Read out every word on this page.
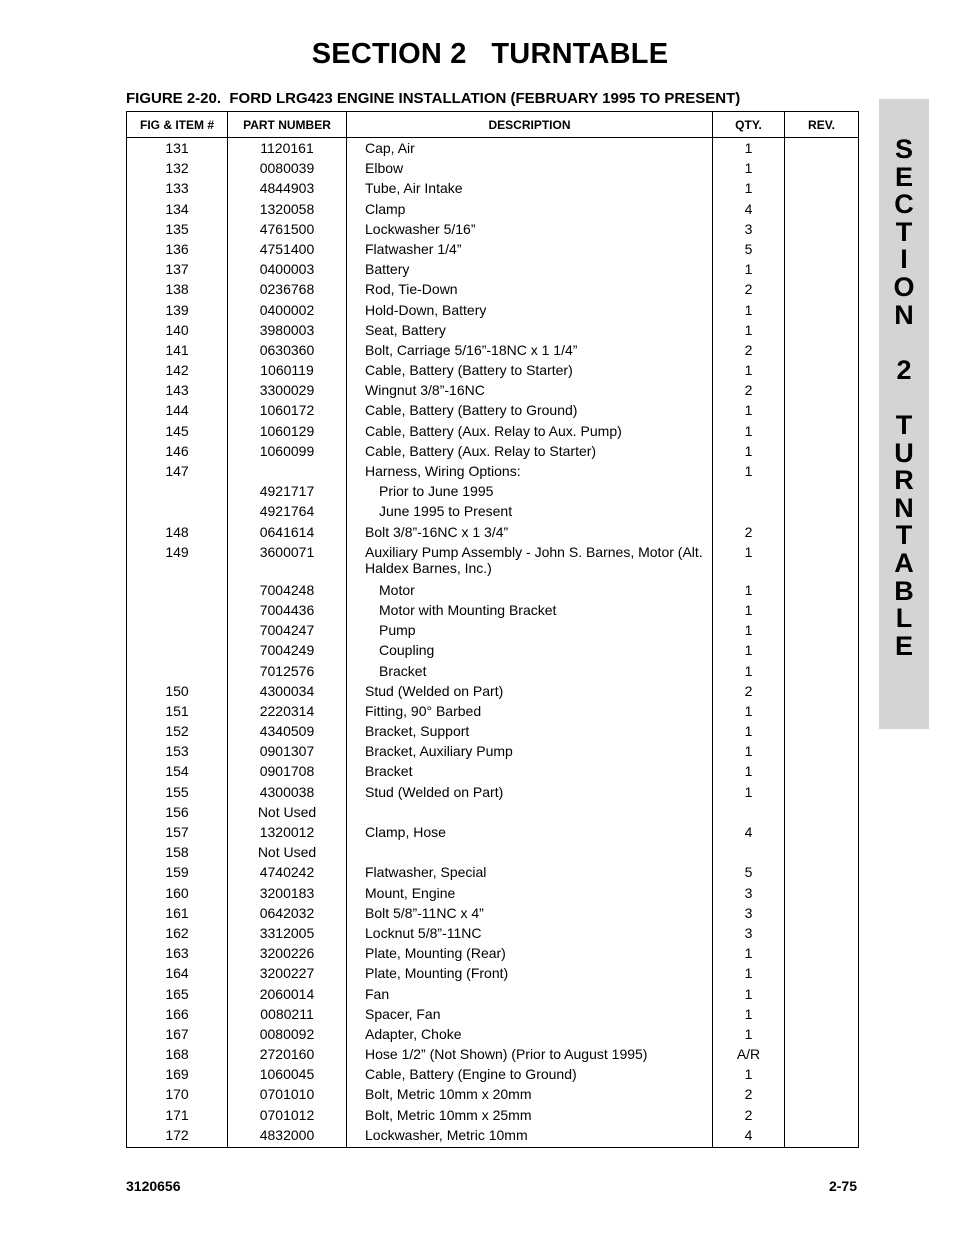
SECTION 2   TURNTABLE
FIGURE 2-20.  FORD LRG423 ENGINE INSTALLATION (FEBRUARY 1995 TO PRESENT)
S
E
C
T
I
O
N
2
T
U
R
N
T
A
B
L
E
FIG & ITEM #	PART NUMBER	DESCRIPTION	QTY.	REV.
131	1120161	Cap, Air	1	
132	0080039	Elbow	1	
133	4844903	Tube, Air Intake	1	
134	1320058	Clamp	4	
135	4761500	Lockwasher 5/16”	3	
136	4751400	Flatwasher 1/4”	5	
137	0400003	Battery	1	
138	0236768	Rod, Tie-Down	2	
139	0400002	Hold-Down, Battery	1	
140	3980003	Seat, Battery	1	
141	0630360	Bolt, Carriage 5/16”-18NC x 1 1/4”	2	
142	1060119	Cable, Battery (Battery to Starter)	1	
143	3300029	Wingnut 3/8”-16NC	2	
144	1060172	Cable, Battery (Battery to Ground)	1	
145	1060129	Cable, Battery (Aux. Relay to Aux. Pump)	1	
146	1060099	Cable, Battery (Aux. Relay to Starter)	1	
147		Harness, Wiring Options:	1	
	4921717	Prior to June 1995		
	4921764	June 1995 to Present		
148	0641614	Bolt 3/8”-16NC x 1 3/4”	2	
149	3600071	Auxiliary Pump Assembly - John S. Barnes, Motor (Alt. Haldex Barnes, Inc.)	1	
	7004248	Motor	1	
	7004436	Motor with Mounting Bracket	1	
	7004247	Pump	1	
	7004249	Coupling	1	
	7012576	Bracket	1	
150	4300034	Stud (Welded on Part)	2	
151	2220314	Fitting, 90° Barbed	1	
152	4340509	Bracket, Support	1	
153	0901307	Bracket, Auxiliary Pump	1	
154	0901708	Bracket	1	
155	4300038	Stud (Welded on Part)	1	
156	Not Used			
157	1320012	Clamp, Hose	4	
158	Not Used			
159	4740242	Flatwasher, Special	5	
160	3200183	Mount, Engine	3	
161	0642032	Bolt 5/8”-11NC x 4”	3	
162	3312005	Locknut 5/8”-11NC	3	
163	3200226	Plate, Mounting (Rear)	1	
164	3200227	Plate, Mounting (Front)	1	
165	2060014	Fan	1	
166	0080211	Spacer, Fan	1	
167	0080092	Adapter, Choke	1	
168	2720160	Hose 1/2” (Not Shown) (Prior to August 1995)	A/R	
169	1060045	Cable, Battery (Engine to Ground)	1	
170	0701010	Bolt, Metric 10mm x 20mm	2	
171	0701012	Bolt, Metric 10mm x 25mm	2	
172	4832000	Lockwasher, Metric 10mm	4	
3120656	2-75
